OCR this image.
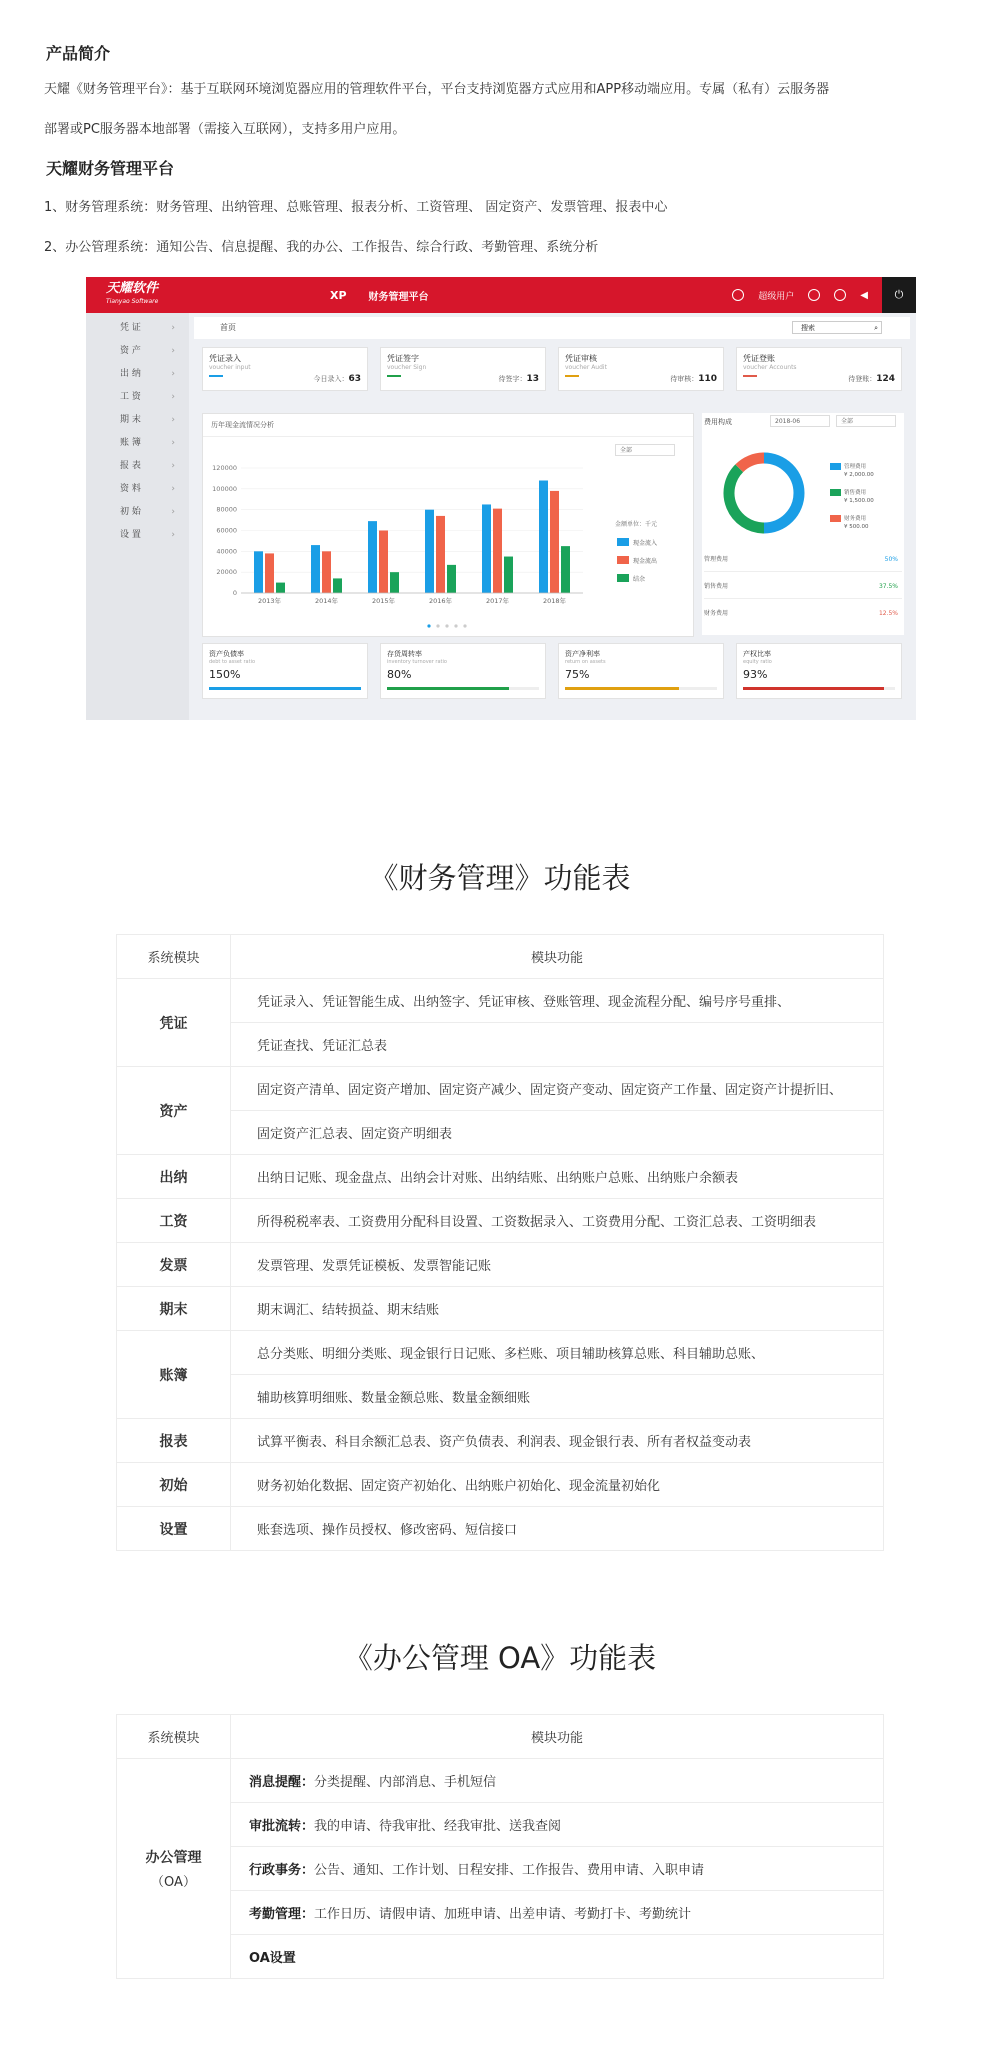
产品简介
天耀《财务管理平台》：基于互联网环境浏览器应用的管理软件平台，平台支持浏览器方式应用和APP移动端应用。专属（私有）云服务器
部署或PC服务器本地部署（需接入互联网），支持多用户应用。
天耀财务管理平台
1、财务管理系统：财务管理、出纳管理、总账管理、报表分析、工资管理、 固定资产、发票管理、报表中心
2、办公管理系统：通知公告、信息提醒、我的办公、工作报告、综合行政、考勤管理、系统分析
天耀软件
Tianyao Software	XP 财务管理平台	超级用户	◀ ⏻
凭 证 ›
资 产 ›
出 纳 ›
工 资 ›
期 末 ›
账 簿 ›
报 表 ›
资 料 ›
初 始 ›
设 置 ›
首页	搜索	⌕
凭证录入
voucher input
今日录入：63
凭证签字
voucher Sign
待签字：13
凭证审核
voucher Audit
待审核：110
凭证登账
voucher Accounts
待登账：124
历年现金流情况分析
全部
0
20000
40000
60000
80000
100000
120000
2013年	2014年	2015年	2016年	2017年	2018年
金额单位：千元
现金流入
现金流出
结余
费用构成	2018-06	全部
管理费用
¥ 2,000.00
销售费用
¥ 1,500.00
财务费用
¥ 500.00
管理费用	50%
销售费用	37.5%
财务费用	12.5%
资产负债率
debt to asset ratio
150%
存货周转率
inventory turnover ratio
80%
资产净利率
return on assets
75%
产权比率
equity ratio
93%
《财务管理》功能表
系统模块	模块功能
凭证	凭证录入、凭证智能生成、出纳签字、凭证审核、登账管理、现金流程分配、编号序号重排、
	凭证查找、凭证汇总表
资产	固定资产清单、固定资产增加、固定资产减少、固定资产变动、固定资产工作量、固定资产计提折旧、
	固定资产汇总表、固定资产明细表
出纳	出纳日记账、现金盘点、出纳会计对账、出纳结账、出纳账户总账、出纳账户余额表
工资	所得税税率表、工资费用分配科目设置、工资数据录入、工资费用分配、工资汇总表、工资明细表
发票	发票管理、发票凭证模板、发票智能记账
期末	期末调汇、结转损益、期末结账
账簿	总分类账、明细分类账、现金银行日记账、多栏账、项目辅助核算总账、科目辅助总账、
	辅助核算明细账、数量金额总账、数量金额细账
报表	试算平衡表、科目余额汇总表、资产负债表、利润表、现金银行表、所有者权益变动表
初始	财务初始化数据、固定资产初始化、出纳账户初始化、现金流量初始化
设置	账套选项、操作员授权、修改密码、短信接口
《办公管理 OA》功能表
系统模块	模块功能

办公管理
（OA）	消息提醒：分类提醒、内部消息、手机短信
	审批流转：我的申请、待我审批、经我审批、送我查阅
	行政事务：公告、通知、工作计划、日程安排、工作报告、费用申请、入职申请
	考勤管理：工作日历、请假申请、加班申请、出差申请、考勤打卡、考勤统计
	OA设置
